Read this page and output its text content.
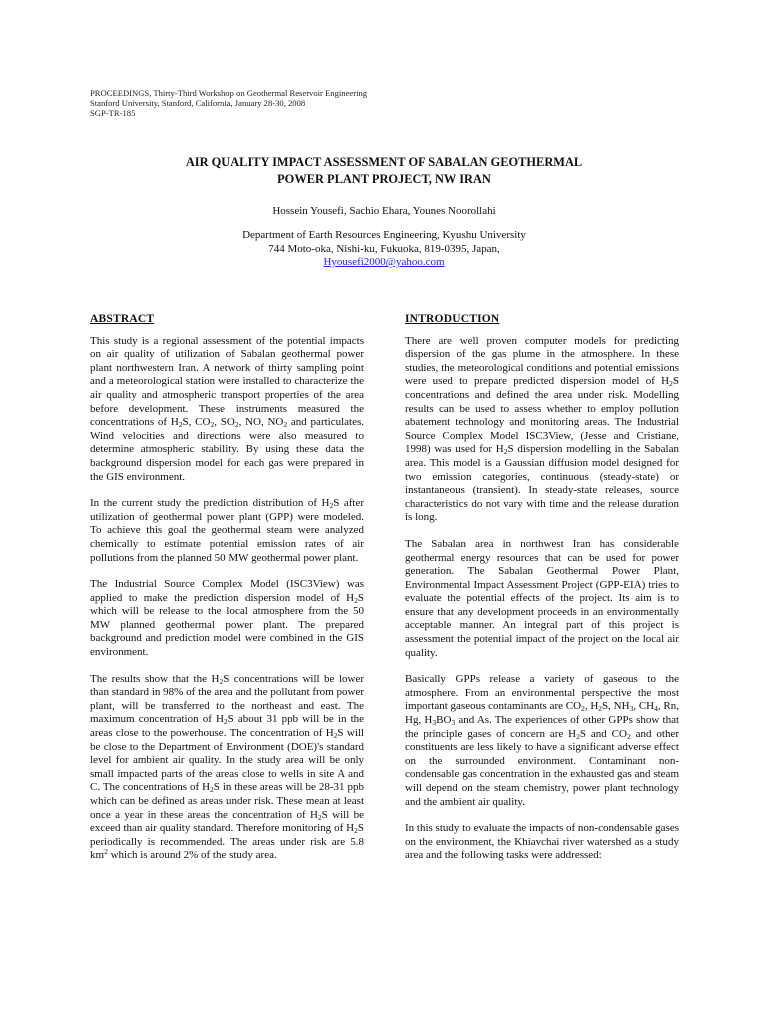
PROCEEDINGS, Thirty-Third Workshop on Geothermal Reservoir Engineering
Stanford University, Stanford, California, January 28-30, 2008
SGP-TR-185
AIR QUALITY IMPACT ASSESSMENT OF SABALAN GEOTHERMAL
POWER PLANT PROJECT, NW IRAN
Hossein Yousefi, Sachio Ehara, Younes Noorollahi
Department of Earth Resources Engineering, Kyushu University
744 Moto-oka, Nishi-ku, Fukuoka, 819-0395, Japan,
Hyousefi2000@yahoo.com
ABSTRACT

This study is a regional assessment of the potential impacts on air quality of utilization of Sabalan geothermal power plant northwestern Iran. A network of thirty sampling point and a meteorological station were installed to characterize the air quality and atmospheric transport properties of the area before development. These instruments measured the concentrations of $H_2S$, $CO_2$, $SO_2$, NO, $NO_2$ and particulates. Wind velocities and directions were also measured to determine atmospheric stability. By using these data the background dispersion model for each gas were prepared in the GIS environment.

In the current study the prediction distribution of $H_2S$ after utilization of geothermal power plant (GPP) were modeled. To achieve this goal the geothermal steam were analyzed chemically to estimate potential emission rates of air pollutions from the planned 50 MW geothermal power plant.

The Industrial Source Complex Model (ISC3View) was applied to make the prediction dispersion model of $H_2S$ which will be release to the local atmosphere from the 50 MW planned geothermal power plant. The prepared background and prediction model were combined in the GIS environment.

The results show that the $H_2S$ concentrations will be lower than standard in 98% of the area and the pollutant from power plant, will be transferred to the northeast and east. The maximum concentration of $H_2S$ about 31 ppb will be in the areas close to the powerhouse. The concentration of $H_2S$ will be close to the Department of Environment (DOE)'s standard level for ambient air quality. In the study area will be only small impacted parts of the areas close to wells in site A and C. The concentrations of $H_2S$ in these areas will be 28-31 ppb which can be defined as areas under risk. These mean at least once a year in these areas the concentration of $H_2S$ will be exceed than air quality standard. Therefore monitoring of $H_2S$ periodically is recommended. The areas under risk are 5.8 $km^2$ which is around 2% of the study area.

INTRODUCTION

There are well proven computer models for predicting dispersion of the gas plume in the atmosphere. In these studies, the meteorological conditions and potential emissions were used to prepare predicted dispersion model of $H_2S$ concentrations and defined the area under risk. Modelling results can be used to assess whether to employ pollution abatement technology and monitoring areas. The Industrial Source Complex Model ISC3View, (Jesse and Cristiane, 1998) was used for $H_2S$ dispersion modelling in the Sabalan area. This model is a Gaussian diffusion model designed for two emission categories, continuous (steady-state) or instantaneous (transient). In steady-state releases, source characteristics do not vary with time and the release duration is long.

The Sabalan area in northwest Iran has considerable geothermal energy resources that can be used for power generation. The Sabalan Geothermal Power Plant, Environmental Impact Assessment Project (GPP-EIA) tries to evaluate the potential effects of the project. Its aim is to ensure that any development proceeds in an environmentally acceptable manner. An integral part of this project is assessment the potential impact of the project on the local air quality.

Basically GPPs release a variety of gaseous to the atmosphere. From an environmental perspective the most important gaseous contaminants are $CO_2$, $H_2S$, $NH_3$, $CH_4$, Rn, Hg, $H_3BO_3$ and As. The experiences of other GPPs show that the principle gases of concern are $H_2S$ and $CO_2$ and other constituents are less likely to have a significant adverse effect on the surrounded environment. Contaminant non-condensable gas concentration in the exhausted gas and steam will depend on the steam chemistry, power plant technology and the ambient air quality.

In this study to evaluate the impacts of non-condensable gases on the environment, the Khiavchai river watershed as a study area and the following tasks were addressed:
